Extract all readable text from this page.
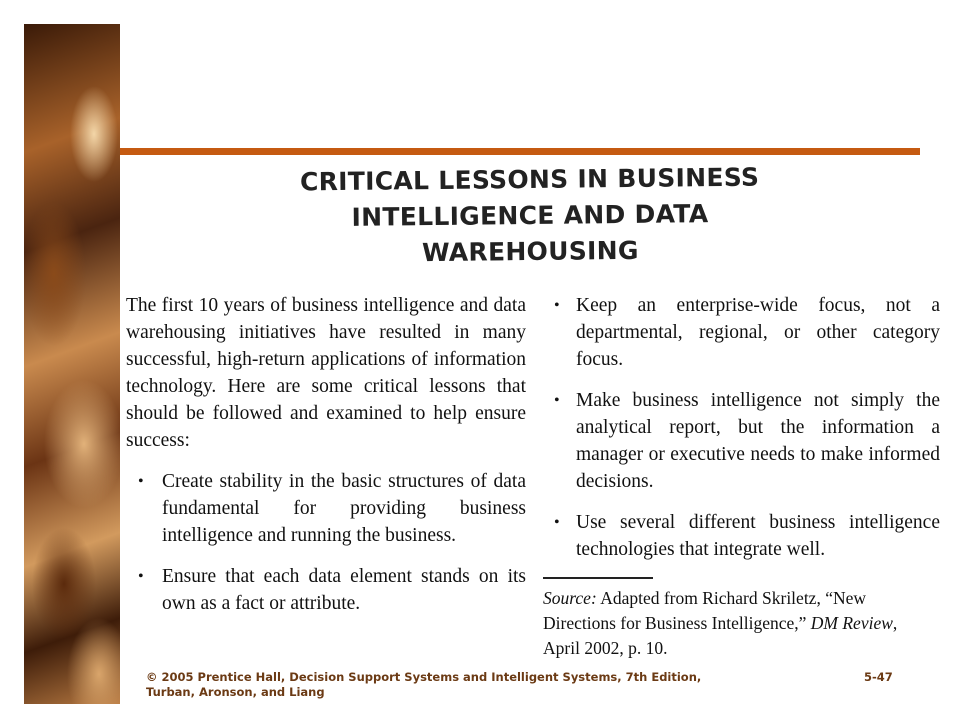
CRITICAL LESSONS IN BUSINESS
INTELLIGENCE AND DATA WAREHOUSING

The first 10 years of business intelligence and data warehousing initiatives have resulted in many successful, high-return applications of information technology. Here are some critical lessons that should be followed and examined to help ensure success:

• Create stability in the basic structures of data fundamental for providing business intelligence and running the business.
• Ensure that each data element stands on its own as a fact or attribute.
• Keep an enterprise-wide focus, not a departmental, regional, or other category focus.
• Make business intelligence not simply the analytical report, but the information a manager or executive needs to make informed decisions.
• Use several different business intelligence technologies that integrate well.

Source: Adapted from Richard Skriletz, “New Directions for Business Intelligence,” DM Review, April 2002, p. 10.

© 2005 Prentice Hall, Decision Support Systems and Intelligent Systems, 7th Edition,
Turban, Aronson, and Liang

5-47
